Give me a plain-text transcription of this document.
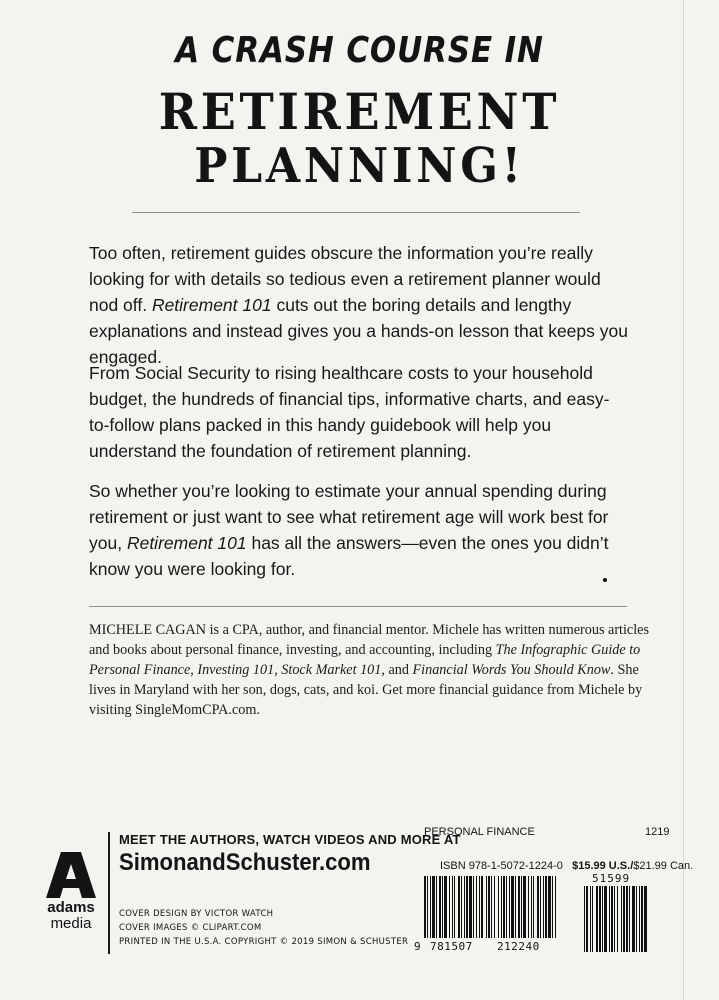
A CRASH COURSE IN
RETIREMENT
PLANNING!

Too often, retirement guides obscure the information you’re really looking for with details so tedious even a retirement planner would nod off. Retirement 101 cuts out the boring details and lengthy explanations and instead gives you a hands-on lesson that keeps you engaged.

From Social Security to rising healthcare costs to your household budget, the hundreds of financial tips, informative charts, and easy-to-follow plans packed in this handy guidebook will help you understand the foundation of retirement planning.

So whether you’re looking to estimate your annual spending during retirement or just want to see what retirement age will work best for you, Retirement 101 has all the answers—even the ones you didn’t know you were looking for.

MICHELE CAGAN is a CPA, author, and financial mentor. Michele has written numerous articles and books about personal finance, investing, and accounting, including The Infographic Guide to Personal Finance, Investing 101, Stock Market 101, and Financial Words You Should Know. She lives in Maryland with her son, dogs, cats, and koi. Get more financial guidance from Michele by visiting SingleMomCPA.com.

adams
media
MEET THE AUTHORS, WATCH VIDEOS AND MORE AT
SimonandSchuster.com
COVER DESIGN BY VICTOR WATCH
COVER IMAGES © CLIPART.COM
PRINTED IN THE U.S.A. COPYRIGHT © 2019 SIMON & SCHUSTER
PERSONAL FINANCE	1219
ISBN 978-1-5072-1224-0 $15.99 U.S./$21.99 Can.
51599
9 781507 212240
